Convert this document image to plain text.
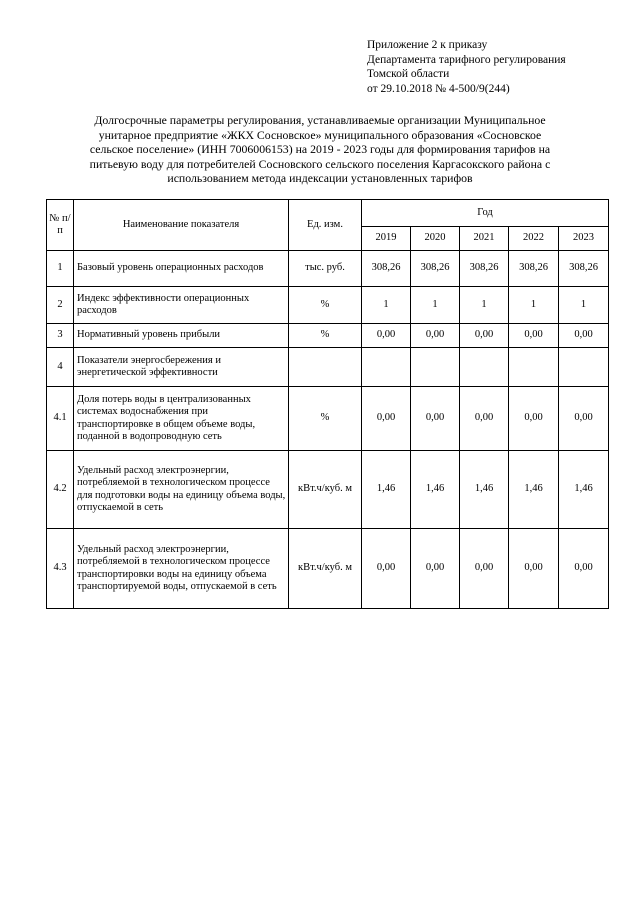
Приложение 2 к приказу
Департамента тарифного регулирования
Томской области
от 29.10.2018 № 4-500/9(244)
Долгосрочные параметры регулирования, устанавливаемые организации Муниципальное
унитарное предприятие «ЖКХ Сосновское» муниципального образования «Сосновское
сельское поселение» (ИНН 7006006153) на 2019 - 2023 годы для формирования тарифов на
питьевую воду для потребителей Сосновского сельского поселения Каргасокского района с
использованием метода индексации установленных тарифов
№ п/п	Наименование показателя	Ед. изм.	Год				
			2019	2020	2021	2022	2023
1	Базовый уровень операционных расходов	тыс. руб.	308,26	308,26	308,26	308,26	308,26
2	Индекс эффективности операционных расходов	%	1	1	1	1	1
3	Нормативный уровень прибыли	%	0,00	0,00	0,00	0,00	0,00
4	Показатели энергосбережения и энергетической эффективности						
4.1	Доля потерь воды в централизованных системах водоснабжения при транспортировке в общем объеме воды, поданной в водопроводную сеть	%	0,00	0,00	0,00	0,00	0,00
4.2	Удельный расход электроэнергии, потребляемой в технологическом процессе для подготовки воды на единицу объема воды, отпускаемой в сеть	кВт.ч/куб. м	1,46	1,46	1,46	1,46	1,46
4.3	Удельный расход электроэнергии, потребляемой в технологическом процессе транспортировки воды на единицу объема транспортируемой воды, отпускаемой в сеть	кВт.ч/куб. м	0,00	0,00	0,00	0,00	0,00
